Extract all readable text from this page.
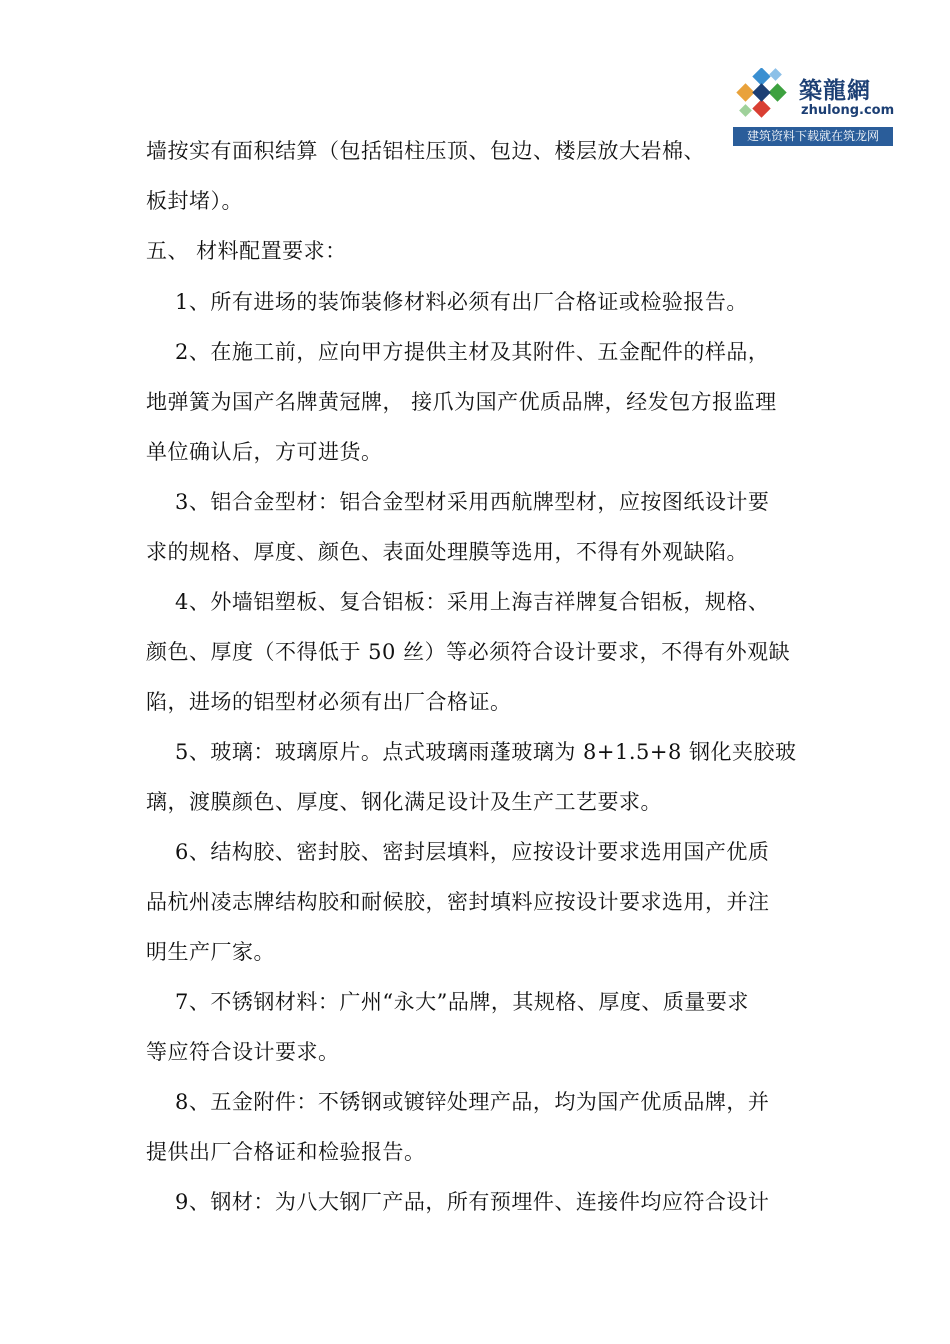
築龍網
zhulong.com
建筑资料下载就在筑龙网
墙按实有面积结算（包括铝柱压顶、包边、楼层放大岩棉、
板封堵）。
五、 材料配置要求：
1、所有进场的装饰装修材料必须有出厂合格证或检验报告。
2、在施工前，应向甲方提供主材及其附件、五金配件的样品，
地弹簧为国产名牌黄冠牌， 接爪为国产优质品牌，经发包方报监理
单位确认后，方可进货。
3、铝合金型材：铝合金型材采用西航牌型材，应按图纸设计要
求的规格、厚度、颜色、表面处理膜等选用，不得有外观缺陷。
4、外墙铝塑板、复合铝板：采用上海吉祥牌复合铝板，规格、
颜色、厚度（不得低于 50 丝）等必须符合设计要求，不得有外观缺
陷，进场的铝型材必须有出厂合格证。
5、玻璃：玻璃原片。点式玻璃雨蓬玻璃为 8+1.5+8 钢化夹胶玻
璃，渡膜颜色、厚度、钢化满足设计及生产工艺要求。
6、结构胶、密封胶、密封层填料，应按设计要求选用国产优质
品杭州凌志牌结构胶和耐候胶，密封填料应按设计要求选用，并注
明生产厂家。
7、不锈钢材料：广州“永大”品牌，其规格、厚度、质量要求
等应符合设计要求。
8、五金附件：不锈钢或镀锌处理产品，均为国产优质品牌，并
提供出厂合格证和检验报告。
9、钢材：为八大钢厂产品，所有预埋件、连接件均应符合设计
